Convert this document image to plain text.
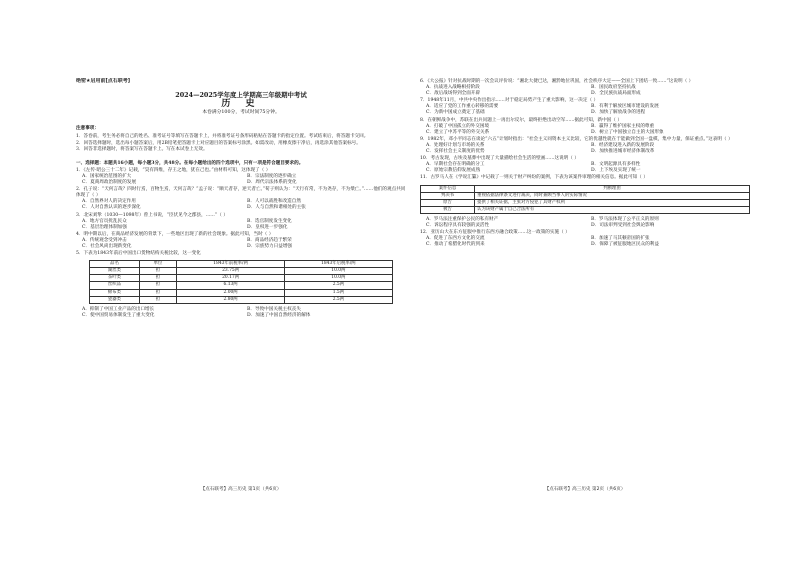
绝密★启用前[点石联考]
2024—2025学年度上学期高三年级期中考试
历 史
本卷满分100分，考试时间75分钟。
注意事项：
1．答卷前，考生务必将自己的姓名、准考证号等填写在答题卡上，并将准考证号条形码粘贴在答题卡的指定位置。考试结束后，将答题卡交回。
2．回答选择题时，选出每小题答案后，用2B铅笔把答题卡上对应题目的答案标号涂黑。如需改动，用橡皮擦干净后，再选涂其他答案标号。
3．回答非选择题时，将答案写在答题卡上。写在本试卷上无效。
一、选择题：本题共16小题，每小题3分，共48分。在每小题给出的四个选项中，只有一项是符合题目要求的。
1．《左传·昭公三十二年》记载，“昊有四维，存王之地，犹在己也。”由材料可知，这体现了（ ）
A．国家统治范围的扩大	B．宗法制度的逐步确立
C．夏商周政治制度的发展	D．周代宗法体系的变化
2．孔子说：“天何言哉？四时行焉，百物生焉，天何言哉？”孟子说：“顺天者存，逆天者亡。”荀子则认为：“天行有常，不为尧存，不为桀亡。”……他们的观点共同体现了（ ）
A．自然界对人的决定作用	B．人可以战胜和改造自然
C．人对自然认识的逐步深化	D．人与自然和谐相处的主张
3．北宋刘挚（1030—1098年）曾上书说，“臣伏见今之郡县，……”（ ）
A．地方官员扰乱民众	B．选官制度发生变化
C．基层治理体制加强	D．皇权进一步强化
4．明中期以后，在商品经济发展的背景下，一些地区出现了新的社会现象。据此可知，当时（ ）
A．传统观念受到冲击	B．商品经济趋于繁荣
C．社会风尚出现新变化	D．宗族势力日益增强
5．下表为1843年前后中国出口货物结构关税比较，这一变化
品名	单位	1843年前税率/两	1843年后税率/两
湖丝类	担	23.75两	10.0两
茶叶类	担	20.17两	10.0两
丝织品	担	6.13两	2.5两
棉布类	担	2.00两	1.5两
瓷器类	担	2.80两	2.5两
A．抑制了中国工业产品的出口增长	B．导致中国关税主权丧失
C．使中国贸易体制发生了重大变化	D．加速了中国自然经济的解体
【点石联考】高三历史 第1页（共6页）
6．《大公报》针对抗战时期的一次会议评价说：“湘北大捷已达，湘黔地位巩固，社会秩序大定——全国上下团结一致……”这说明（ ）
A．抗战进入战略相持阶段	B．国民政府坚持抗战
C．敌后战场得到全面开辟	D．全民族抗战局面形成
7．1948年11月，中共中央作出指示……对于稳定局势产生了重大影响，这一决定（ ）
A．适应了党的工作重心转移的需要	B．有利于解放区城市建设的发展
C．为新中国成立奠定了基础	D．加快了解放战争的进程
8．在朝鲜战争中，苏联在出兵问题上一再出尔反尔，最终拒绝出动空军……据此可知，新中国（ ）
A．打破了中国孤立的外交困境	B．赢得了维护国家主权的尊重
C．建立了中苏平等的外交关系	D．树立了中国独立自主的大国形象
9．1982年，邓小平同志在谈论“六五”计划时指出：“社会主义同资本主义比较，它的优越性就在于能做到全国一盘棋，集中力量，保证重点。”这表明（ ）
A．处理好计划与市场的关系	B．经济建设进入新的发展阶段
C．发挥社会主义制度的优势	D．加快推进城市经济体制改革
10．考古发现，古埃及墓葬中出现了大量描绘社会生活的壁画……这说明（ ）
A．早期社会存在明确的分工	B．文明起源具有多样性
C．原始宗教信仰发展成熟	D．上下埃及实现了统一
11．古罗马人在《学说汇纂》中记载了一则关于财产纠纷的案例，下表为该案件审理的相关信息。据此可知（ ）
案件信息	判断理由
判决书	重视依据法律条文进行裁决，同时兼顾当事人的实际情况
原告	提供了相关证据，主张对方侵犯了其财产权利
被告	认为该财产属于自己合法所有
A．罗马法注重保护公民的私有财产	B．罗马法体现了公平正义的原则
C．诉讼程序具有较强的灵活性	D．司法审判受到社会舆论影响
12．亚历山大在东方征服中推行东西方融合政策……这一政策的实施（ ）
A．促进了东西方文化的交流	B．加速了马其顿帝国的扩张
C．推动了希腊化时代的到来	D．保障了被征服地区民众的利益
【点石联考】高三历史 第2页（共6页）
